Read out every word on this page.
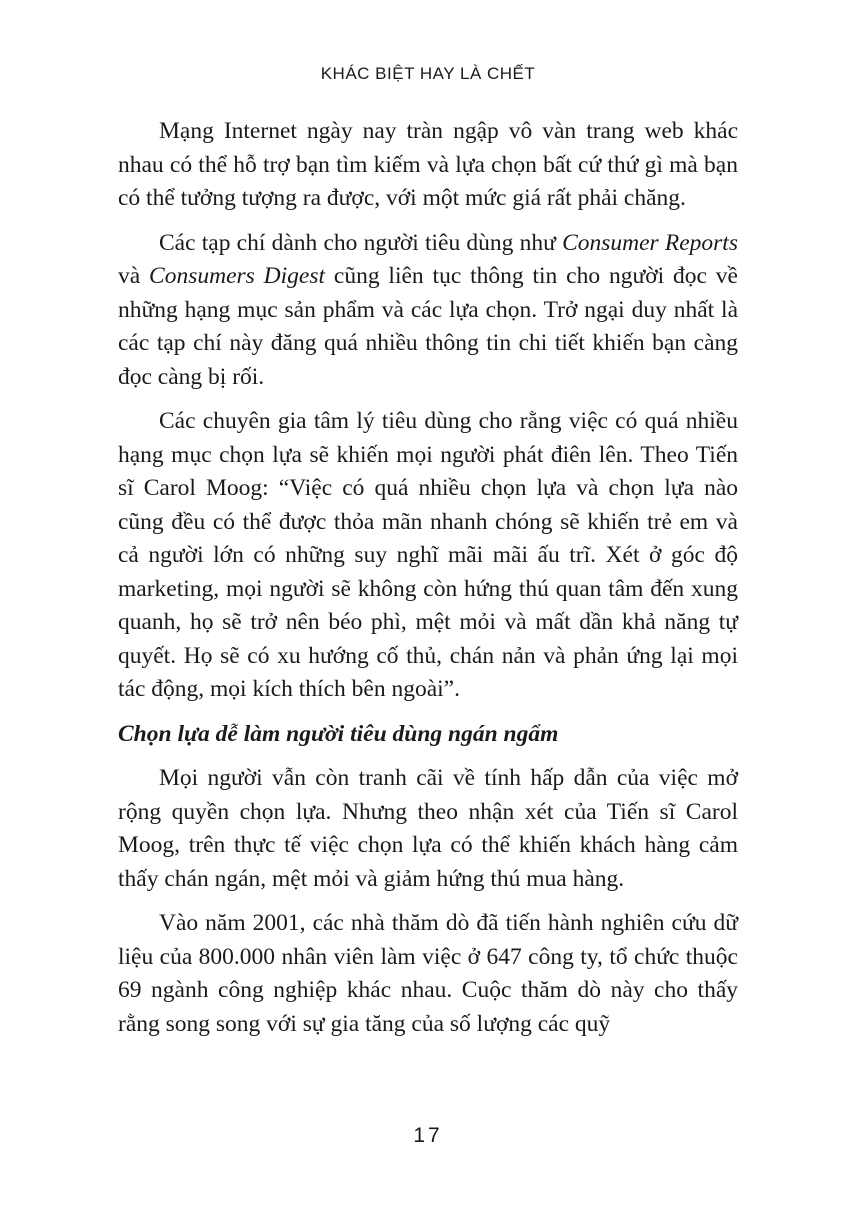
KHÁC BIỆT HAY LÀ CHẾT

Mạng Internet ngày nay tràn ngập vô vàn trang web khác nhau có thể hỗ trợ bạn tìm kiếm và lựa chọn bất cứ thứ gì mà bạn có thể tưởng tượng ra được, với một mức giá rất phải chăng.

Các tạp chí dành cho người tiêu dùng như Consumer Reports và Consumers Digest cũng liên tục thông tin cho người đọc về những hạng mục sản phẩm và các lựa chọn. Trở ngại duy nhất là các tạp chí này đăng quá nhiều thông tin chi tiết khiến bạn càng đọc càng bị rối.

Các chuyên gia tâm lý tiêu dùng cho rằng việc có quá nhiều hạng mục chọn lựa sẽ khiến mọi người phát điên lên. Theo Tiến sĩ Carol Moog: “Việc có quá nhiều chọn lựa và chọn lựa nào cũng đều có thể được thỏa mãn nhanh chóng sẽ khiến trẻ em và cả người lớn có những suy nghĩ mãi mãi ấu trĩ. Xét ở góc độ marketing, mọi người sẽ không còn hứng thú quan tâm đến xung quanh, họ sẽ trở nên béo phì, mệt mỏi và mất dần khả năng tự quyết. Họ sẽ có xu hướng cố thủ, chán nản và phản ứng lại mọi tác động, mọi kích thích bên ngoài”.

Chọn lựa dễ làm người tiêu dùng ngán ngẩm

Mọi người vẫn còn tranh cãi về tính hấp dẫn của việc mở rộng quyền chọn lựa. Nhưng theo nhận xét của Tiến sĩ Carol Moog, trên thực tế việc chọn lựa có thể khiến khách hàng cảm thấy chán ngán, mệt mỏi và giảm hứng thú mua hàng.

Vào năm 2001, các nhà thăm dò đã tiến hành nghiên cứu dữ liệu của 800.000 nhân viên làm việc ở 647 công ty, tổ chức thuộc 69 ngành công nghiệp khác nhau. Cuộc thăm dò này cho thấy rằng song song với sự gia tăng của số lượng các quỹ

17
